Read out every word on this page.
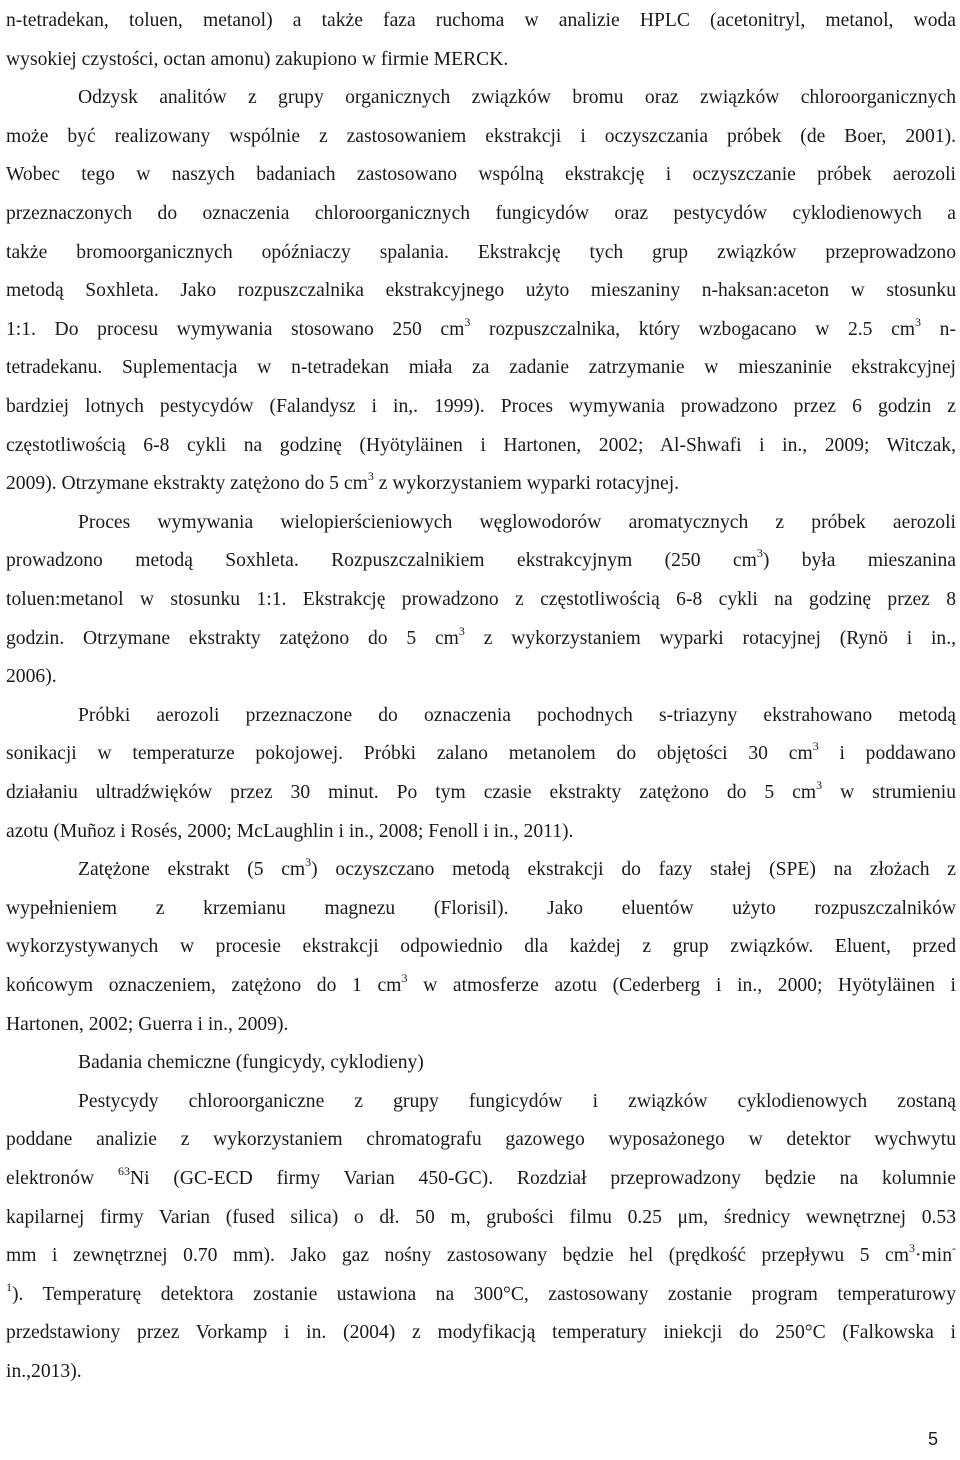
n-tetradekan, toluen, metanol) a także faza ruchoma w analizie HPLC (acetonitryl, metanol, woda
wysokiej czystości, octan amonu) zakupiono w firmie MERCK.
Odzysk analitów z grupy organicznych związków bromu oraz związków chloroorganicznych
może być realizowany wspólnie z zastosowaniem ekstrakcji i oczyszczania próbek (de Boer, 2001).
Wobec tego w naszych badaniach zastosowano wspólną ekstrakcję i oczyszczanie próbek aerozoli
przeznaczonych do oznaczenia chloroorganicznych fungicydów oraz pestycydów cyklodienowych a
także bromoorganicznych opóźniaczy spalania. Ekstrakcję tych grup związków przeprowadzono
metodą Soxhleta. Jako rozpuszczalnika ekstrakcyjnego użyto mieszaniny n-haksan:aceton w stosunku
1:1. Do procesu wymywania stosowano 250 $cm^3$ rozpuszczalnika, który wzbogacano w 2.5 $cm^3$ n-
tetradekanu. Suplementacja w n-tetradekan miała za zadanie zatrzymanie w mieszaninie ekstrakcyjnej
bardziej lotnych pestycydów (Falandysz i in,. 1999). Proces wymywania prowadzono przez 6 godzin z
częstotliwością 6-8 cykli na godzinę (Hyötyläinen i Hartonen, 2002; Al-Shwafi i in., 2009; Witczak,
2009). Otrzymane ekstrakty zatężono do 5 $cm^3$ z wykorzystaniem wyparki rotacyjnej.
Proces wymywania wielopierścieniowych węglowodorów aromatycznych z próbek aerozoli
prowadzono metodą Soxhleta. Rozpuszczalnikiem ekstrakcyjnym (250 $cm^3$) była mieszanina
toluen:metanol w stosunku 1:1. Ekstrakcję prowadzono z częstotliwością 6-8 cykli na godzinę przez 8
godzin. Otrzymane ekstrakty zatężono do 5 $cm^3$ z wykorzystaniem wyparki rotacyjnej (Rynö i in.,
2006).
Próbki aerozoli przeznaczone do oznaczenia pochodnych s-triazyny ekstrahowano metodą
sonikacji w temperaturze pokojowej. Próbki zalano metanolem do objętości 30 $cm^3$ i poddawano
działaniu ultradźwięków przez 30 minut. Po tym czasie ekstrakty zatężono do 5 $cm^3$ w strumieniu
azotu (Muñoz i Rosés, 2000; McLaughlin i in., 2008; Fenoll i in., 2011).
Zatężone ekstrakt (5 $cm^3$) oczyszczano metodą ekstrakcji do fazy stałej (SPE) na złożach z
wypełnieniem z krzemianu magnezu (Florisil). Jako eluentów użyto rozpuszczalników
wykorzystywanych w procesie ekstrakcji odpowiednio dla każdej z grup związków. Eluent, przed
końcowym oznaczeniem, zatężono do 1 $cm^3$ w atmosferze azotu (Cederberg i in., 2000; Hyötyläinen i
Hartonen, 2002; Guerra i in., 2009).
Badania chemiczne (fungicydy, cyklodieny)
Pestycydy chloroorganiczne z grupy fungicydów i związków cyklodienowych zostaną
poddane analizie z wykorzystaniem chromatografu gazowego wyposażonego w detektor wychwytu
elektronów $^{63}$Ni (GC-ECD firmy Varian 450-GC). Rozdział przeprowadzony będzie na kolumnie
kapilarnej firmy Varian (fused silica) o dł. 50 m, grubości filmu 0.25 μm, średnicy wewnętrznej 0.53
mm i zewnętrznej 0.70 mm). Jako gaz nośny zastosowany będzie hel (prędkość przepływu 5 $cm^3\cdot\min^-$
$^1$). Temperaturę detektora zostanie ustawiona na 300°C, zastosowany zostanie program temperaturowy
przedstawiony przez Vorkamp i in. (2004) z modyfikacją temperatury iniekcji do 250°C (Falkowska i
in.,2013).
5
